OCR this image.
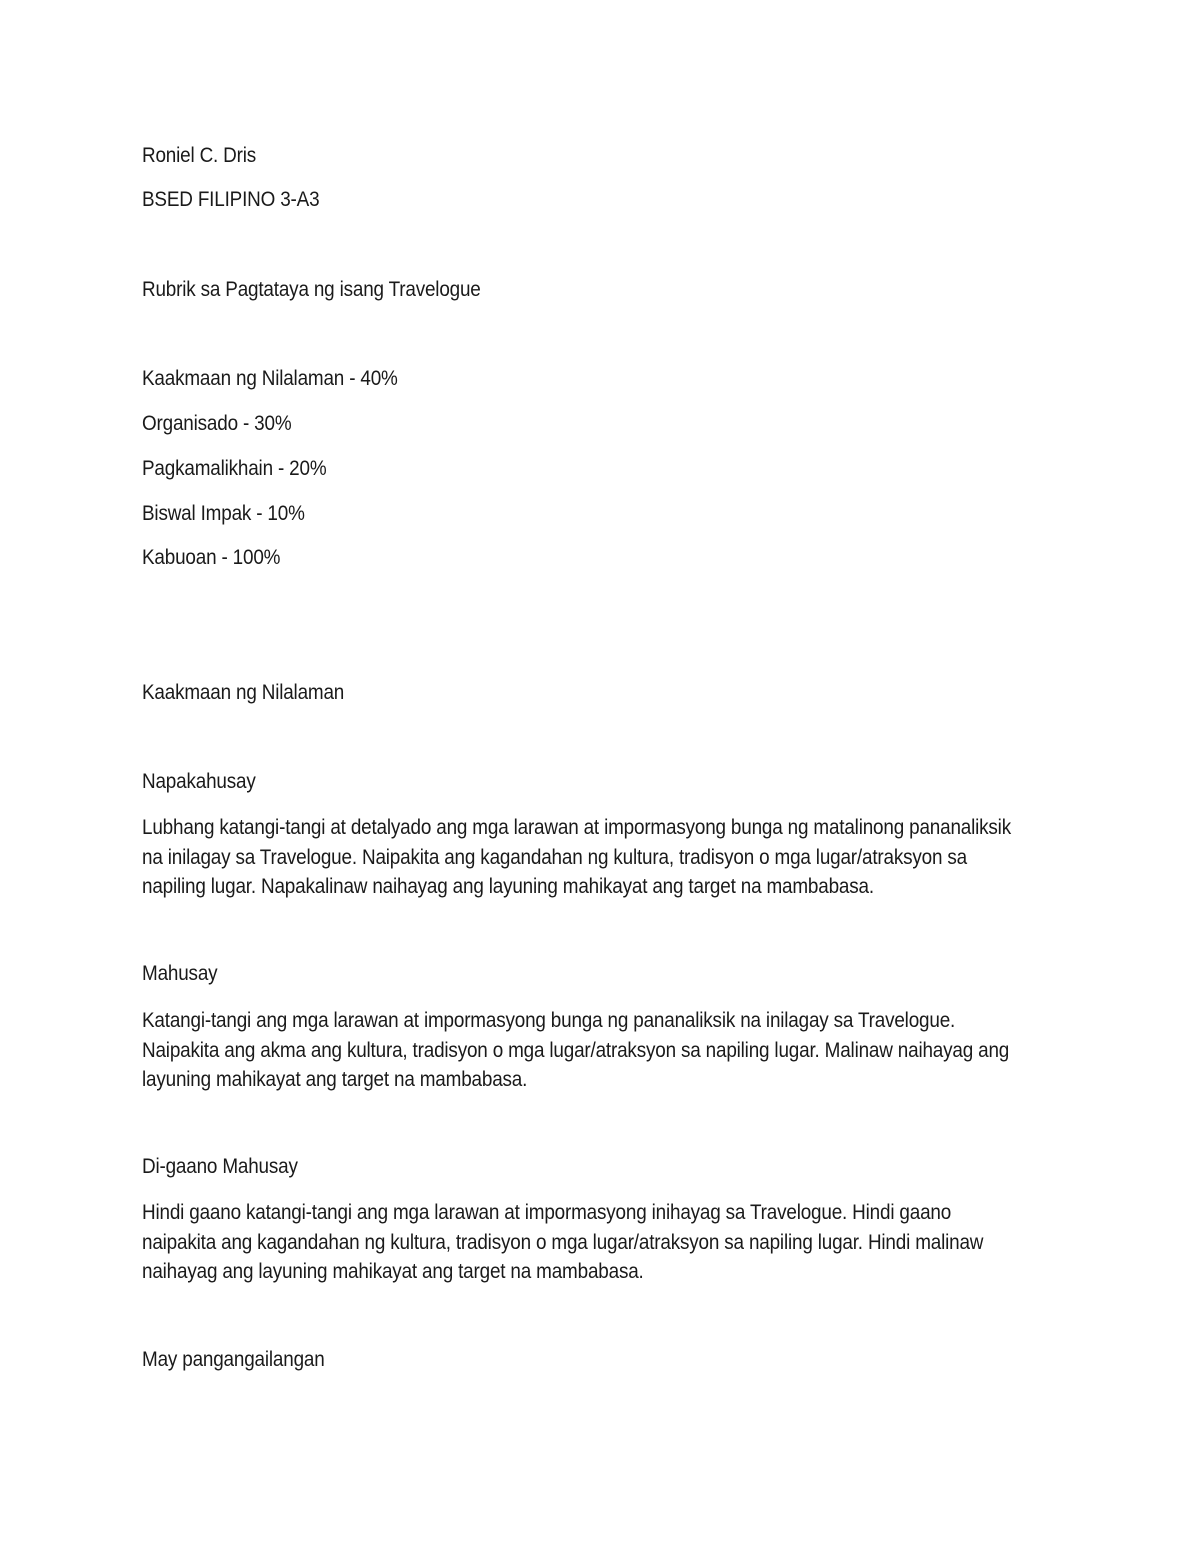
Roniel C. Dris

BSED FILIPINO 3-A3

Rubrik sa Pagtataya ng isang Travelogue

Kaakmaan ng Nilalaman - 40%

Organisado - 30%

Pagkamalikhain - 20%

Biswal Impak - 10%

Kabuoan - 100%

Kaakmaan ng Nilalaman

Napakahusay

Lubhang katangi-tangi at detalyado ang mga larawan at impormasyong bunga ng matalinong pananaliksik
na inilagay sa Travelogue. Naipakita ang kagandahan ng kultura, tradisyon o mga lugar/atraksyon sa
napiling lugar. Napakalinaw naihayag ang layuning mahikayat ang target na mambabasa.

Mahusay

Katangi-tangi ang mga larawan at impormasyong bunga ng pananaliksik na inilagay sa Travelogue.
Naipakita ang akma ang kultura, tradisyon o mga lugar/atraksyon sa napiling lugar. Malinaw naihayag ang
layuning mahikayat ang target na mambabasa.

Di-gaano Mahusay

Hindi gaano katangi-tangi ang mga larawan at impormasyong inihayag sa Travelogue. Hindi gaano
naipakita ang kagandahan ng kultura, tradisyon o mga lugar/atraksyon sa napiling lugar. Hindi malinaw
naihayag ang layuning mahikayat ang target na mambabasa.

May pangangailangan
